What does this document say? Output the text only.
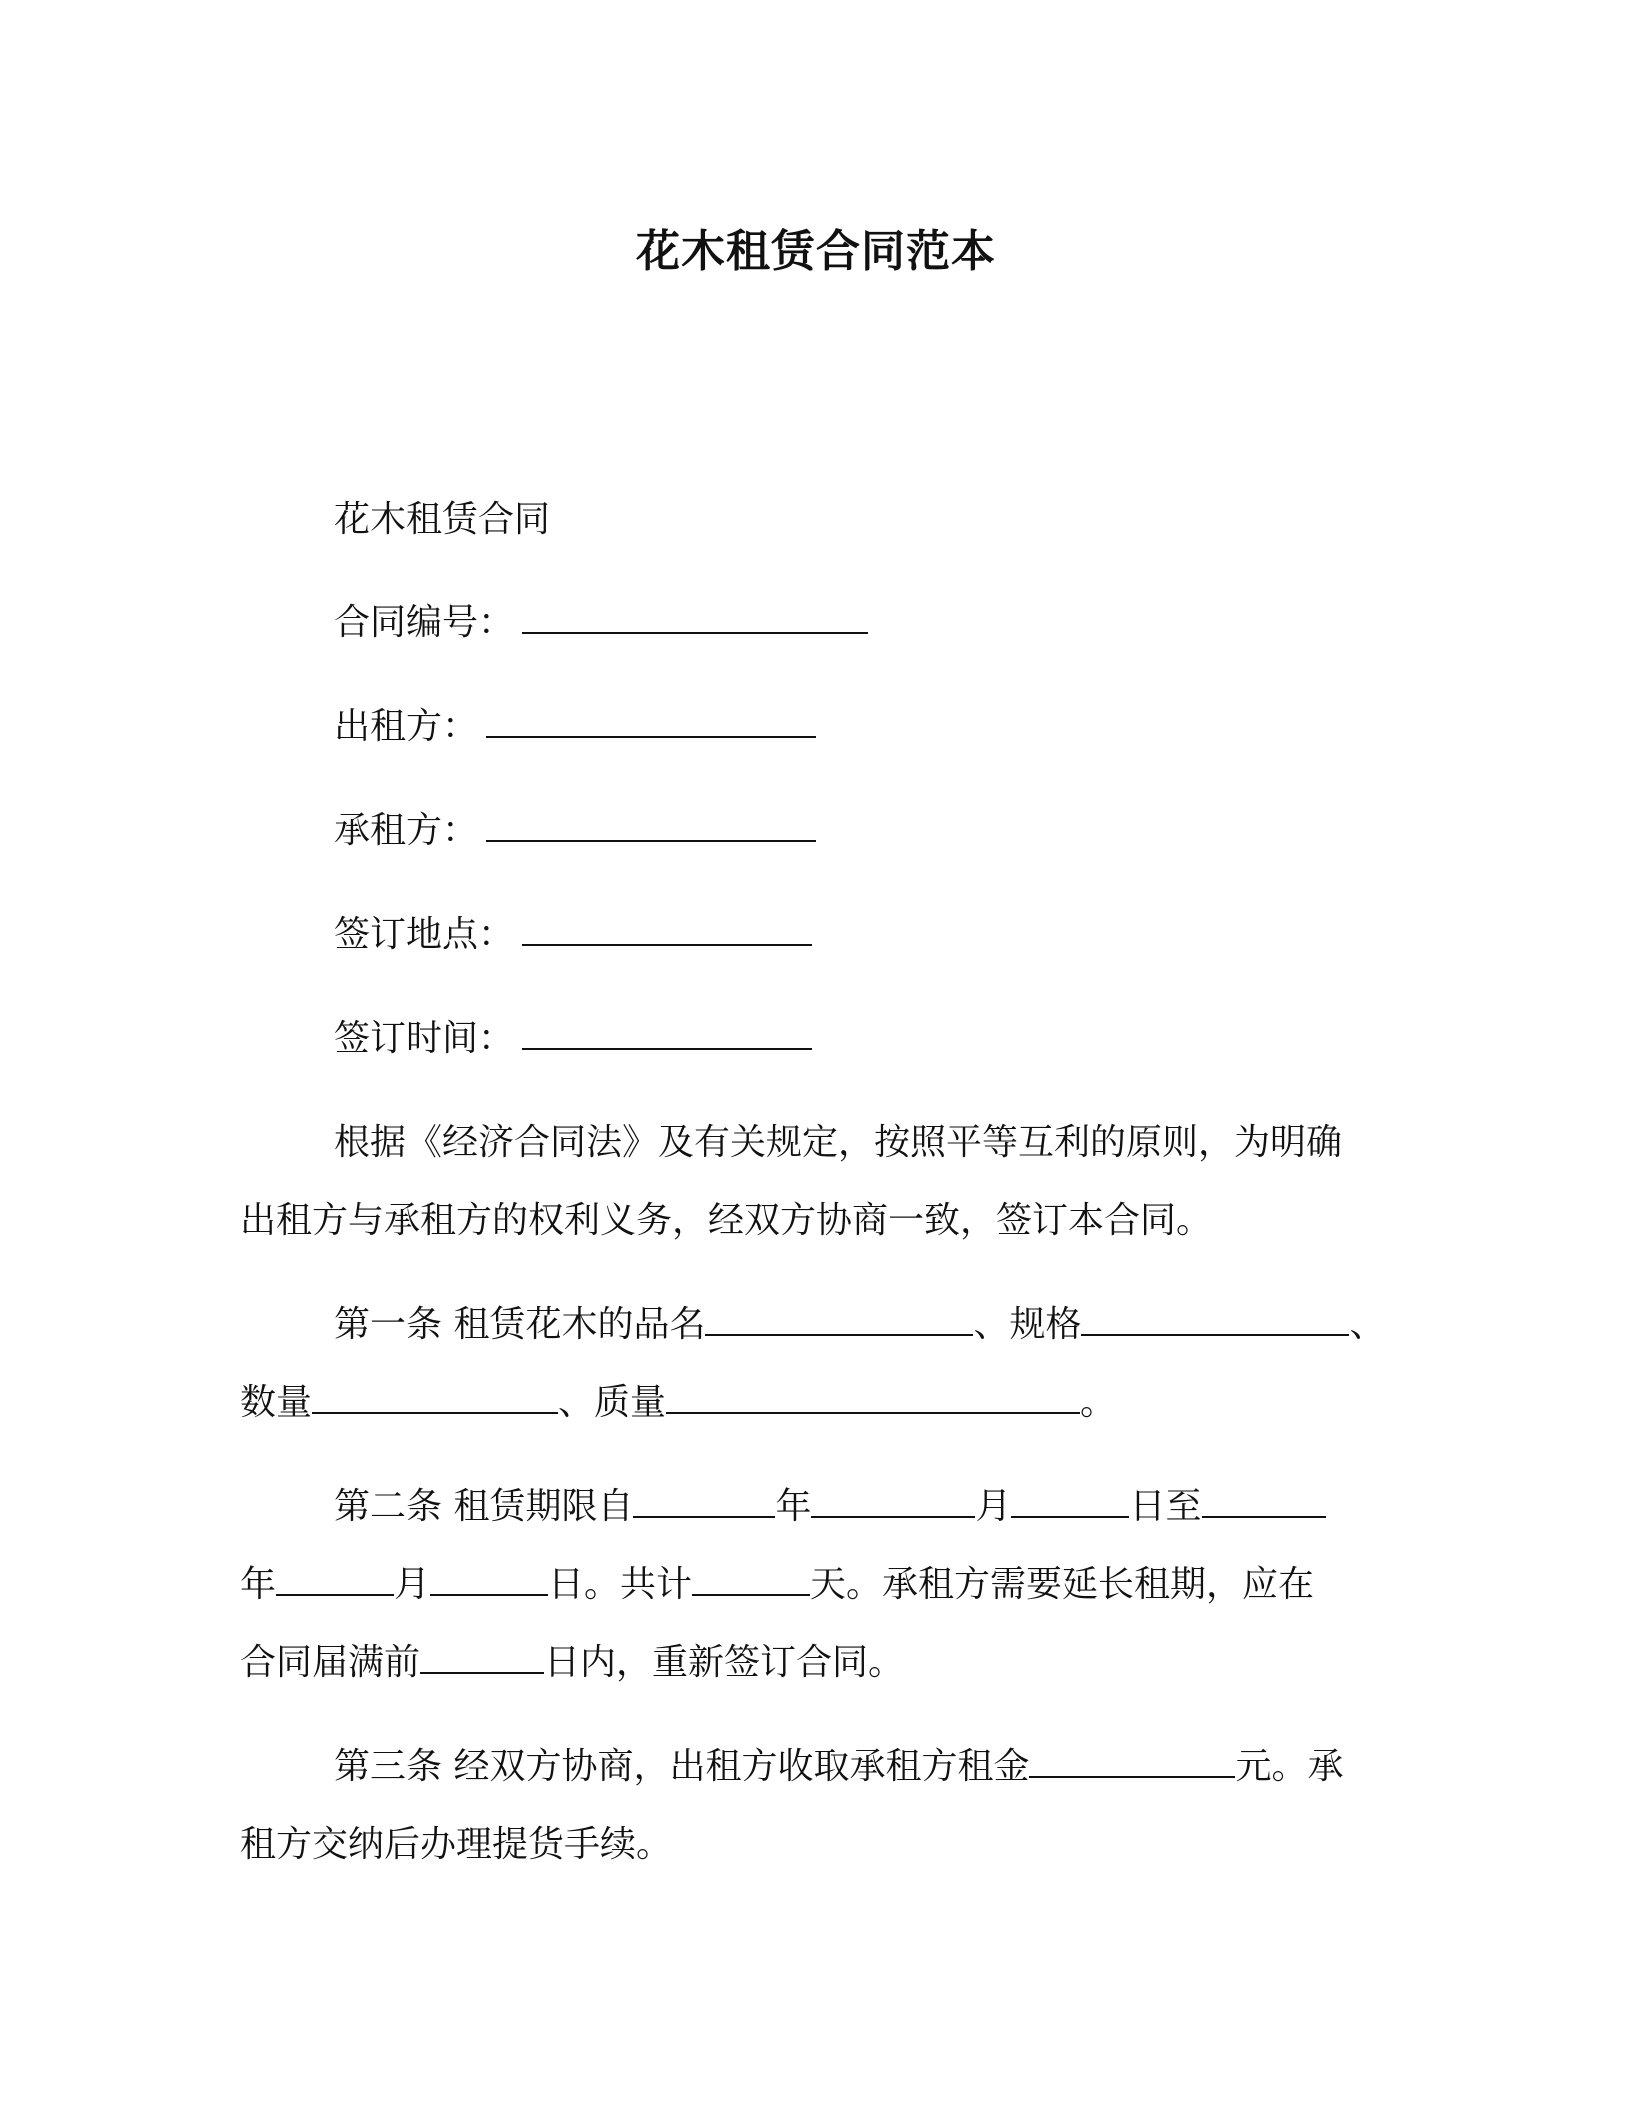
花木租赁合同范本
花木租赁合同
合同编号：
出租方：
承租方：
签订地点：
签订时间：
根据《经济合同法》及有关规定，按照平等互利的原则，为明确
出租方与承租方的权利义务，经双方协商一致，签订本合同。
第一条 租赁花木的品名	、规格	、
数量	、质量	。
第二条 租赁期限自	年	月	日至
年	月	日。共计	天。承租方需要延长租期，应在
合同届满前	日内，重新签订合同。
第三条 经双方协商，出租方收取承租方租金	元。承
租方交纳后办理提货手续。
